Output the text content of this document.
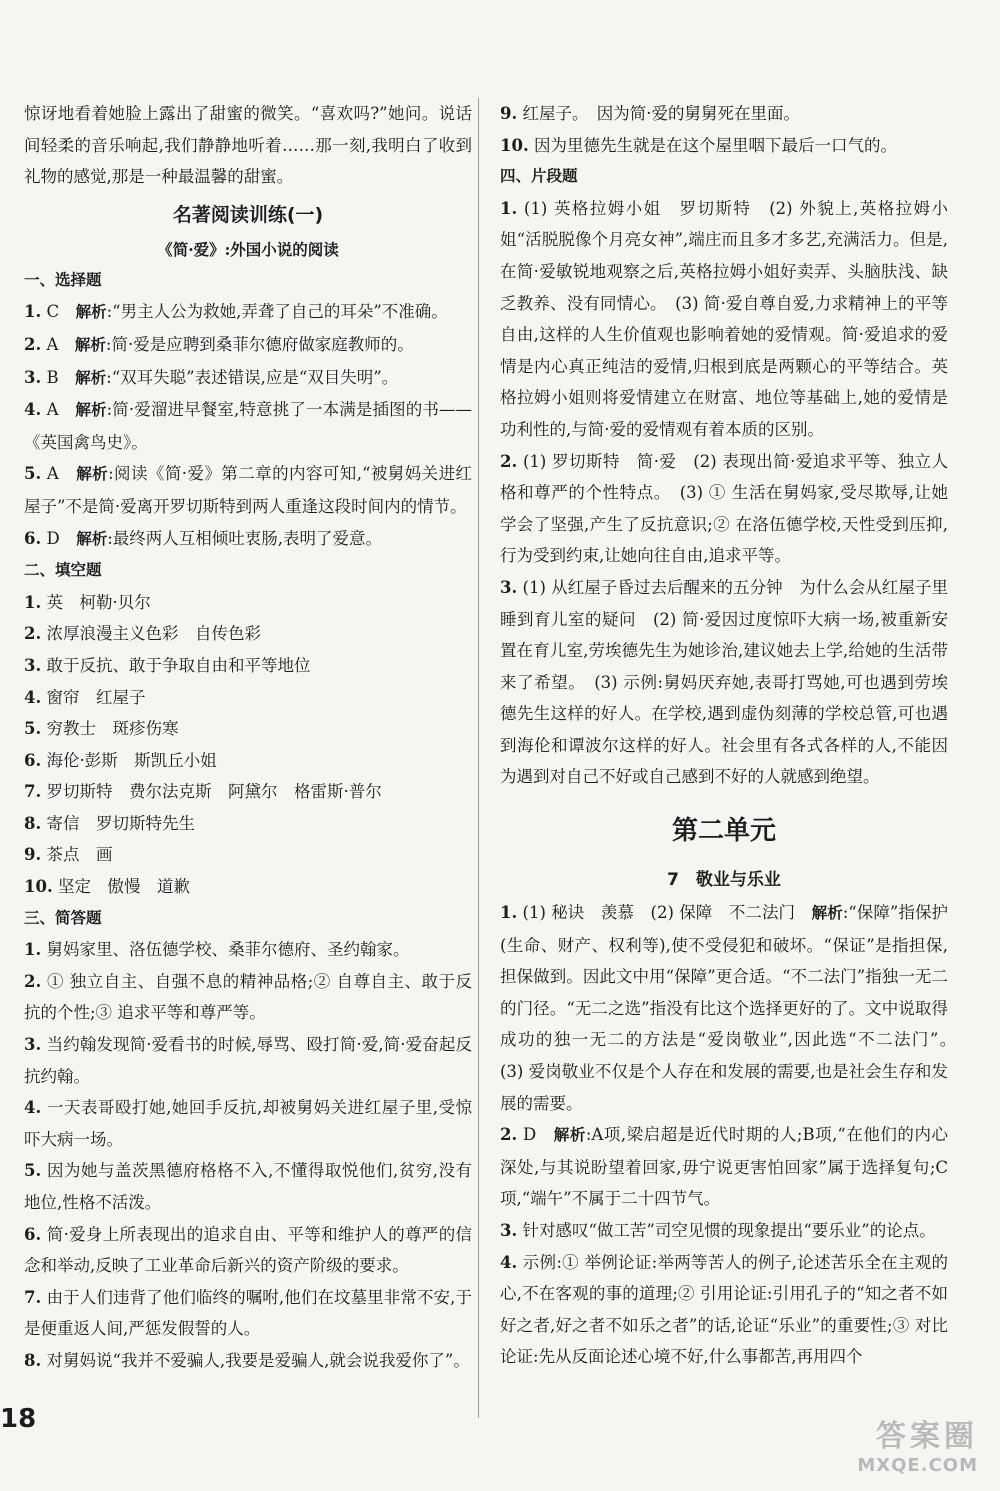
惊讶地看着她脸上露出了甜蜜的微笑。“喜欢吗?”她问。说话间轻柔的音乐响起,我们静静地听着……那一刻,我明白了收到礼物的感觉,那是一种最温馨的甜蜜。

名著阅读训练(一)
《简·爱》:外国小说的阅读

一、选择题

1. C　 解析:“男主人公为救她,弄聋了自己的耳朵”不准确。

2. A　 解析:简·爱是应聘到桑菲尔德府做家庭教师的。

3. B　 解析:“双耳失聪”表述错误,应是“双目失明”。

4. A　 解析:简·爱溜进早餐室,特意挑了一本满是插图的书——《英国禽鸟史》。

5. A　 解析:阅读《简·爱》第二章的内容可知,“被舅妈关进红屋子”不是简·爱离开罗切斯特到两人重逢这段时间内的情节。

6. D　 解析:最终两人互相倾吐衷肠,表明了爱意。

二、填空题

1. 英　柯勒·贝尔

2. 浓厚浪漫主义色彩　自传色彩

3. 敢于反抗、敢于争取自由和平等地位

4. 窗帘　红屋子

5. 穷教士　斑疹伤寒

6. 海伦·彭斯　斯凯丘小姐

7. 罗切斯特　费尔法克斯　阿黛尔　格雷斯·普尔

8. 寄信　罗切斯特先生

9. 茶点　画

10. 坚定　傲慢　道歉

三、简答题

1. 舅妈家里、洛伍德学校、桑菲尔德府、圣约翰家。

2. ① 独立自主、自强不息的精神品格;② 自尊自主、敢于反抗的个性;③ 追求平等和尊严等。

3. 当约翰发现简·爱看书的时候,辱骂、殴打简·爱,简·爱奋起反抗约翰。

4. 一天表哥殴打她,她回手反抗,却被舅妈关进红屋子里,受惊吓大病一场。

5. 因为她与盖茨黑德府格格不入,不懂得取悦他们,贫穷,没有地位,性格不活泼。

6. 简·爱身上所表现出的追求自由、平等和维护人的尊严的信念和举动,反映了工业革命后新兴的资产阶级的要求。

7. 由于人们违背了他们临终的嘱咐,他们在坟墓里非常不安,于是便重返人间,严惩发假誓的人。

8. 对舅妈说“我并不爱骗人,我要是爱骗人,就会说我爱你了”。

9. 红屋子。　因为简·爱的舅舅死在里面。

10. 因为里德先生就是在这个屋里咽下最后一口气的。

四、片段题

1. (1) 英格拉姆小姐　罗切斯特　(2) 外貌上,英格拉姆小姐“活脱脱像个月亮女神”,端庄而且多才多艺,充满活力。但是,在简·爱敏锐地观察之后,英格拉姆小姐好卖弄、头脑肤浅、缺乏教养、没有同情心。　(3) 简·爱自尊自爱,力求精神上的平等自由,这样的人生价值观也影响着她的爱情观。简·爱追求的爱情是内心真正纯洁的爱情,归根到底是两颗心的平等结合。英格拉姆小姐则将爱情建立在财富、地位等基础上,她的爱情是功利性的,与简·爱的爱情观有着本质的区别。

2. (1) 罗切斯特　简·爱　(2) 表现出简·爱追求平等、独立人格和尊严的个性特点。　(3) ① 生活在舅妈家,受尽欺辱,让她学会了坚强,产生了反抗意识;② 在洛伍德学校,天性受到压抑,行为受到约束,让她向往自由,追求平等。

3. (1) 从红屋子昏过去后醒来的五分钟　为什么会从红屋子里睡到育儿室的疑问　(2) 简·爱因过度惊吓大病一场,被重新安置在育儿室,劳埃德先生为她诊治,建议她去上学,给她的生活带来了希望。　(3) 示例:舅妈厌弃她,表哥打骂她,可也遇到劳埃德先生这样的好人。在学校,遇到虚伪刻薄的学校总管,可也遇到海伦和谭波尔这样的好人。社会里有各式各样的人,不能因为遇到对自己不好或自己感到不好的人就感到绝望。

第二单元
7　敬业与乐业

1. (1) 秘诀　羡慕　(2) 保障　不二法门　解析:“保障”指保护(生命、财产、权利等),使不受侵犯和破坏。“保证”是指担保,担保做到。因此文中用“保障”更合适。“不二法门”指独一无二的门径。“无二之选”指没有比这个选择更好的了。文中说取得成功的独一无二的方法是“爱岗敬业”,因此选“不二法门”。　(3) 爱岗敬业不仅是个人存在和发展的需要,也是社会生存和发展的需要。

2. D　解析:A项,梁启超是近代时期的人;B项,“在他们的内心深处,与其说盼望着回家,毋宁说更害怕回家”属于选择复句;C项,“端午”不属于二十四节气。

3. 针对感叹“做工苦”司空见惯的现象提出“要乐业”的论点。

4. 示例:① 举例论证:举两等苦人的例子,论述苦乐全在主观的心,不在客观的事的道理;② 引用论证:引用孔子的“知之者不如好之者,好之者不如乐之者”的话,论证“乐业”的重要性;③ 对比论证:先从反面论述心境不好,什么事都苦,再用四个

18	答案圈
MXQE.COM
